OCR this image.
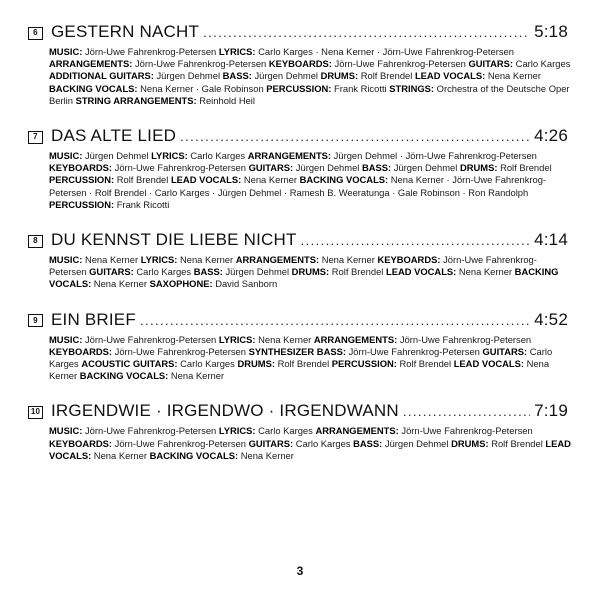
6 GESTERN NACHT .....	5:18
MUSIC: Jörn-Uwe Fahrenkrog-Petersen LYRICS: Carlo Karges · Nena Kerner · Jörn-Uwe Fahrenkrog-Petersen ARRANGEMENTS: Jörn-Uwe Fahrenkrog-Petersen KEYBOARDS: Jörn-Uwe Fahrenkrog-Petersen GUITARS: Carlo Karges ADDITIONAL GUITARS: Jürgen Dehmel BASS: Jürgen Dehmel DRUMS: Rolf Brendel LEAD VOCALS: Nena Kerner BACKING VOCALS: Nena Kerner · Gale Robinson PERCUSSION: Frank Ricotti STRINGS: Orchestra of the Deutsche Oper Berlin STRING ARRANGEMENTS: Reinhold Heil
7 DAS ALTE LIED .....	4:26
MUSIC: Jürgen Dehmel LYRICS: Carlo Karges ARRANGEMENTS: Jürgen Dehmel · Jörn-Uwe Fahrenkrog-Petersen KEYBOARDS: Jörn-Uwe Fahrenkrog-Petersen GUITARS: Jürgen Dehmel BASS: Jürgen Dehmel DRUMS: Rolf Brendel PERCUSSION: Rolf Brendel LEAD VOCALS: Nena Kerner BACKING VOCALS: Nena Kerner · Jörn-Uwe Fahrenkrog-Petersen · Rolf Brendel · Carlo Karges · Jürgen Dehmel · Ramesh B. Weeratunga · Gale Robinson · Ron Randolph PERCUSSION: Frank Ricotti
8 DU KENNST DIE LIEBE NICHT .....	4:14
MUSIC: Nena Kerner LYRICS: Nena Kerner ARRANGEMENTS: Nena Kerner KEYBOARDS: Jörn-Uwe Fahrenkrog-Petersen GUITARS: Carlo Karges BASS: Jürgen Dehmel DRUMS: Rolf Brendel LEAD VOCALS: Nena Kerner BACKING VOCALS: Nena Kerner SAXOPHONE: David Sanborn
9 EIN BRIEF .....	4:52
MUSIC: Jörn-Uwe Fahrenkrog-Petersen LYRICS: Nena Kerner ARRANGEMENTS: Jörn-Uwe Fahrenkrog-Petersen KEYBOARDS: Jörn-Uwe Fahrenkrog-Petersen SYNTHESIZER BASS: Jörn-Uwe Fahrenkrog-Petersen GUITARS: Carlo Karges ACOUSTIC GUITARS: Carlo Karges DRUMS: Rolf Brendel PERCUSSION: Rolf Brendel LEAD VOCALS: Nena Kerner BACKING VOCALS: Nena Kerner
10 IRGENDWIE · IRGENDWO · IRGENDWANN .....	7:19
MUSIC: Jörn-Uwe Fahrenkrog-Petersen LYRICS: Carlo Karges ARRANGEMENTS: Jörn-Uwe Fahrenkrog-Petersen KEYBOARDS: Jörn-Uwe Fahrenkrog-Petersen GUITARS: Carlo Karges BASS: Jürgen Dehmel DRUMS: Rolf Brendel LEAD VOCALS: Nena Kerner BACKING VOCALS: Nena Kerner
3
